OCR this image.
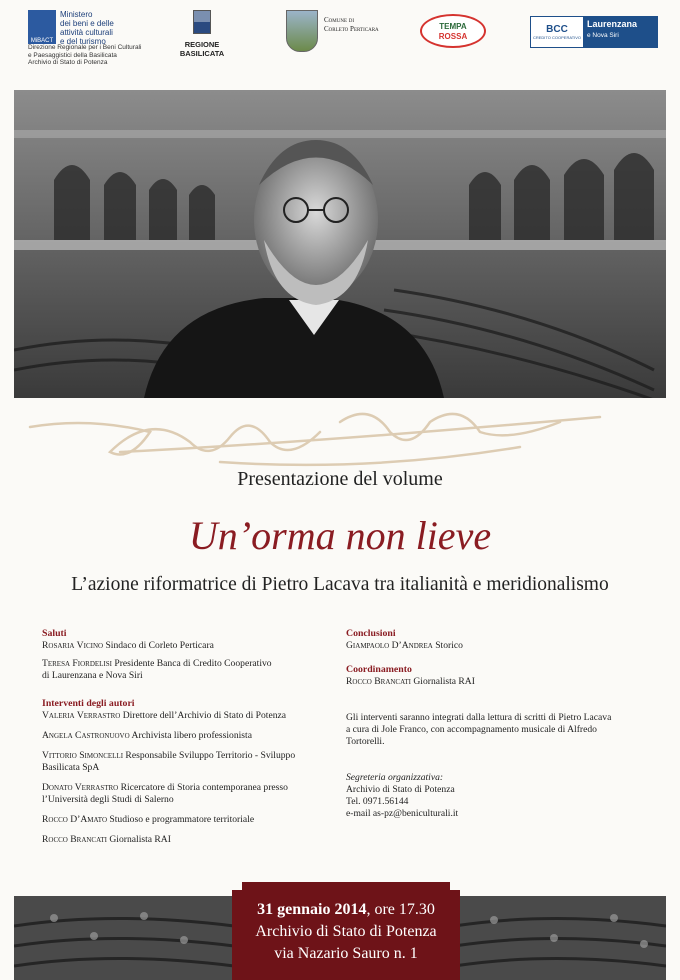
MiBACT
Ministero
dei beni e delle
attività culturali
e del turismo
Direzione Regionale per i Beni Culturali
e Paesaggistici della Basilicata
Archivio di Stato di Potenza
REGIONE BASILICATA
Comune di
Corleto Perticara	TEMPA
ROSSA
BCC
CREDITO COOPERATIVO
Laurenzana
e Nova Siri
Presentazione del volume
Un’orma non lieve
L’azione riformatrice di Pietro Lacava tra italianità e meridionalismo

Saluti

Rosaria Vicino Sindaco di Corleto Perticara

Teresa Fiordelisi Presidente Banca di Credito Cooperativo

di Laurenzana e Nova Siri

Interventi degli autori

Valeria Verrastro Direttore dell’Archivio di Stato di Potenza

Angela Castronuovo Archivista libero professionista

Vittorio Simoncelli Responsabile Sviluppo Territorio - Sviluppo

Basilicata SpA

Donato Verrastro Ricercatore di Storia contemporanea presso

l’Università degli Studi di Salerno

Rocco D’Amato Studioso e programmatore territoriale

Rocco Brancati Giornalista RAI

Conclusioni

Giampaolo D’Andrea Storico

Coordinamento

Rocco Brancati Giornalista RAI

Gli interventi saranno integrati dalla lettura di scritti di Pietro Lacava

a cura di Jole Franco, con accompagnamento musicale di Alfredo

Tortorelli.

Segreteria organizzativa:

Archivio di Stato di Potenza

Tel. 0971.56144

e-mail as-pz@beniculturali.it

31 gennaio 2014, ore 17.30
Archivio di Stato di Potenza
via Nazario Sauro n. 1
